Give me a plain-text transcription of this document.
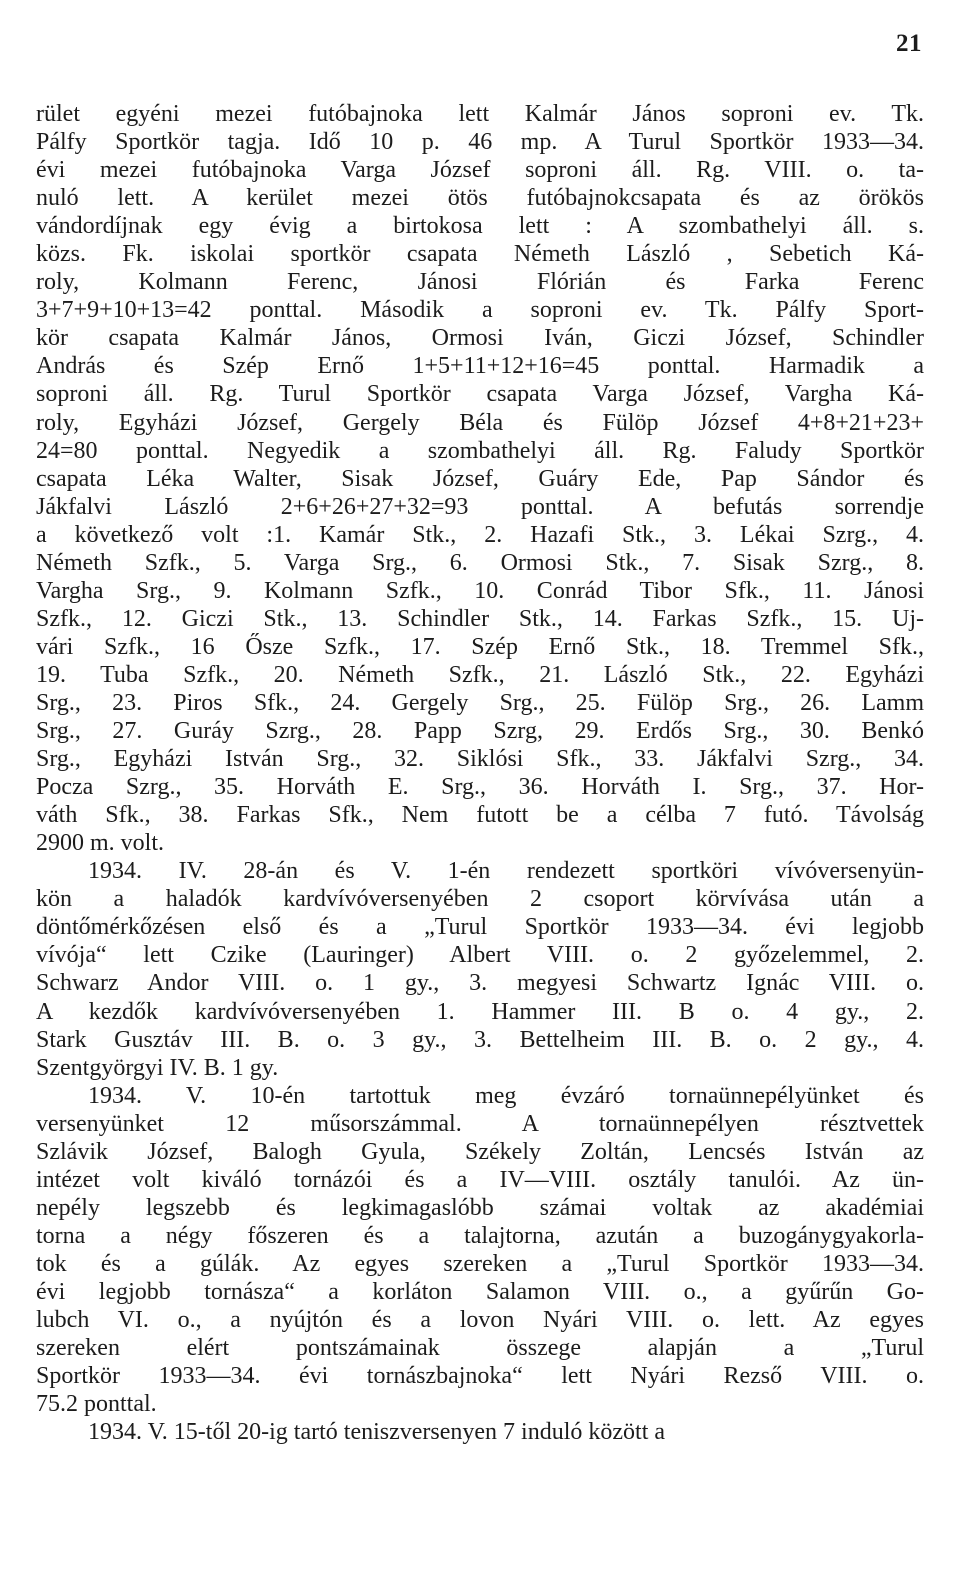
21
rület egyéni mezei futóbajnoka lett Kalmár János soproni ev. Tk.
Pálfy Sportkör tagja. Idő 10 p. 46 mp. A Turul Sportkör 1933—34.
évi mezei futóbajnoka Varga József soproni áll. Rg. VIII. o. ta-
nuló lett. A kerület mezei ötös futóbajnokcsapata és az örökös
vándordíjnak egy évig a birtokosa lett : A szombathelyi áll. s.
közs. Fk. iskolai sportkör csapata Németh László , Sebetich Ká-
roly, Kolmann Ferenc, Jánosi Flórián és Farka Ferenc
3+7+9+10+13=42 ponttal. Második a soproni ev. Tk. Pálfy Sport-
kör csapata Kalmár János, Ormosi Iván, Giczi József, Schindler
András és Szép Ernő 1+5+11+12+16=45 ponttal. Harmadik a
soproni áll. Rg. Turul Sportkör csapata Varga József, Vargha Ká-
roly, Egyházi József, Gergely Béla és Fülöp József 4+8+21+23+
24=80 ponttal. Negyedik a szombathelyi áll. Rg. Faludy Sportkör
csapata Léka Walter, Sisak József, Guáry Ede, Pap Sándor és
Jákfalvi László 2+6+26+27+32=93 ponttal. A befutás sorrendje
a következő volt :1. Kamár Stk., 2. Hazafi Stk., 3. Lékai Szrg., 4.
Németh Szfk., 5. Varga Srg., 6. Ormosi Stk., 7. Sisak Szrg., 8.
Vargha Srg., 9. Kolmann Szfk., 10. Conrád Tibor Sfk., 11. Jánosi
Szfk., 12. Giczi Stk., 13. Schindler Stk., 14. Farkas Szfk., 15. Uj-
vári Szfk., 16 Ősze Szfk., 17. Szép Ernő Stk., 18. Tremmel Sfk.,
19. Tuba Szfk., 20. Németh Szfk., 21. László Stk., 22. Egyházi
Srg., 23. Piros Sfk., 24. Gergely Srg., 25. Fülöp Srg., 26. Lamm
Srg., 27. Guráy Szrg., 28. Papp Szrg, 29. Erdős Srg., 30. Benkó
Srg., Egyházi István Srg., 32. Siklósi Sfk., 33. Jákfalvi Szrg., 34.
Pocza Szrg., 35. Horváth E. Srg., 36. Horváth I. Srg., 37. Hor-
váth Sfk., 38. Farkas Sfk., Nem futott be a célba 7 futó. Távolság
2900 m. volt.
1934. IV. 28-án és V. 1-én rendezett sportköri vívóversenyün-
kön a haladók kardvívóversenyében 2 csoport körvívása után a
döntőmérkőzésen első és a „Turul Sportkör 1933—34. évi legjobb
vívója“ lett Czike (Lauringer) Albert VIII. o. 2 győzelemmel, 2.
Schwarz Andor VIII. o. 1 gy., 3. megyesi Schwartz Ignác VIII. o.
A kezdők kardvívóversenyében 1. Hammer III. B o. 4 gy., 2.
Stark Gusztáv III. B. o. 3 gy., 3. Bettelheim III. B. o. 2 gy., 4.
Szentgyörgyi IV. B. 1 gy.
1934. V. 10-én tartottuk meg évzáró tornaünnepélyünket és
versenyünket 12 műsorszámmal. A tornaünnepélyen résztvettek
Szlávik József, Balogh Gyula, Székely Zoltán, Lencsés István az
intézet volt kiváló tornázói és a IV—VIII. osztály tanulói. Az ün-
nepély legszebb és legkimagaslóbb számai voltak az akadémiai
torna a négy főszeren és a talajtorna, azután a buzogánygyakorla-
tok és a gúlák. Az egyes szereken a „Turul Sportkör 1933—34.
évi legjobb tornásza“ a korláton Salamon VIII. o., a gyűrűn Go-
lubch VI. o., a nyújtón és a lovon Nyári VIII. o. lett. Az egyes
szereken elért pontszámainak összege alapján a „Turul
Sportkör 1933—34. évi tornászbajnoka“ lett Nyári Rezső VIII. o.
75.2 ponttal.
1934. V. 15-től 20-ig tartó teniszversenyen 7 induló között a
